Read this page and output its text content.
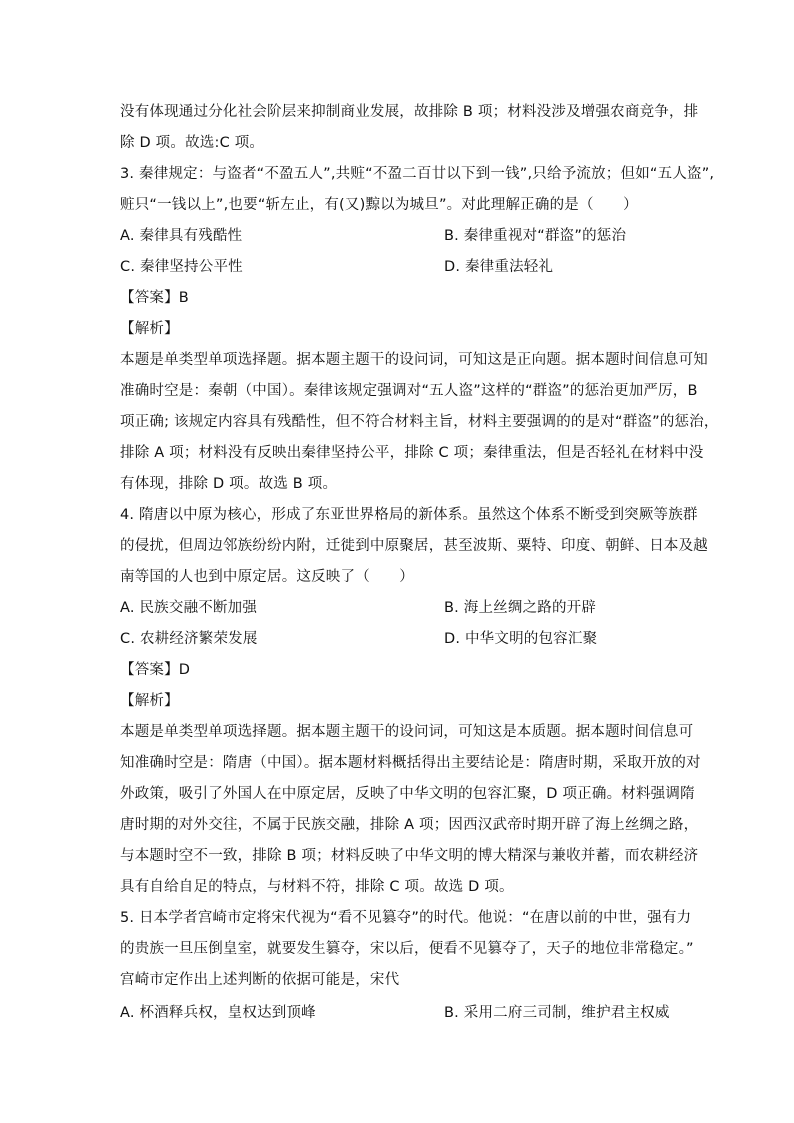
没有体现通过分化社会阶层来抑制商业发展，故排除 B 项；材料没涉及增强农商竞争，排
除 D 项。故选:C 项。
3. 秦律规定：与盗者“不盈五人”,共赃“不盈二百廿以下到一钱”,只给予流放；但如“五人盗”,
赃只“一钱以上”,也要“斩左止，有(又)黥以为城旦”。对此理解正确的是（　　）
A. 秦律具有残酷性	B. 秦律重视对“群盗”的惩治
C. 秦律坚持公平性	D. 秦律重法轻礼
【答案】B
【解析】
本题是单类型单项选择题。据本题主题干的设问词，可知这是正向题。据本题时间信息可知
准确时空是：秦朝（中国）。秦律该规定强调对“五人盗”这样的“群盗”的惩治更加严厉，B
项正确; 该规定内容具有残酷性，但不符合材料主旨，材料主要强调的的是对“群盗”的惩治，
排除 A 项；材料没有反映出秦律坚持公平，排除 C 项；秦律重法，但是否轻礼在材料中没
有体现，排除 D 项。故选 B 项。
4. 隋唐以中原为核心，形成了东亚世界格局的新体系。虽然这个体系不断受到突厥等族群
的侵扰，但周边邻族纷纷内附，迁徙到中原聚居，甚至波斯、粟特、印度、朝鲜、日本及越
南等国的人也到中原定居。这反映了（　　）
A. 民族交融不断加强	B. 海上丝绸之路的开辟
C. 农耕经济繁荣发展	D. 中华文明的包容汇聚
【答案】D
【解析】
本题是单类型单项选择题。据本题主题干的设问词，可知这是本质题。据本题时间信息可
知准确时空是：隋唐（中国）。据本题材料概括得出主要结论是：隋唐时期，采取开放的对
外政策，吸引了外国人在中原定居，反映了中华文明的包容汇聚，D 项正确。材料强调隋
唐时期的对外交往，不属于民族交融，排除 A 项；因西汉武帝时期开辟了海上丝绸之路，
与本题时空不一致，排除 B 项；材料反映了中华文明的博大精深与兼收并蓄，而农耕经济
具有自给自足的特点，与材料不符，排除 C 项。故选 D 项。
5. 日本学者宫崎市定将宋代视为“看不见篡夺”的时代。他说：“在唐以前的中世，强有力
的贵族一旦压倒皇室，就要发生篡夺，宋以后，便看不见篡夺了，天子的地位非常稳定。”
宫崎市定作出上述判断的依据可能是，宋代
A. 杯酒释兵权，皇权达到顶峰	B. 采用二府三司制，维护君主权威
